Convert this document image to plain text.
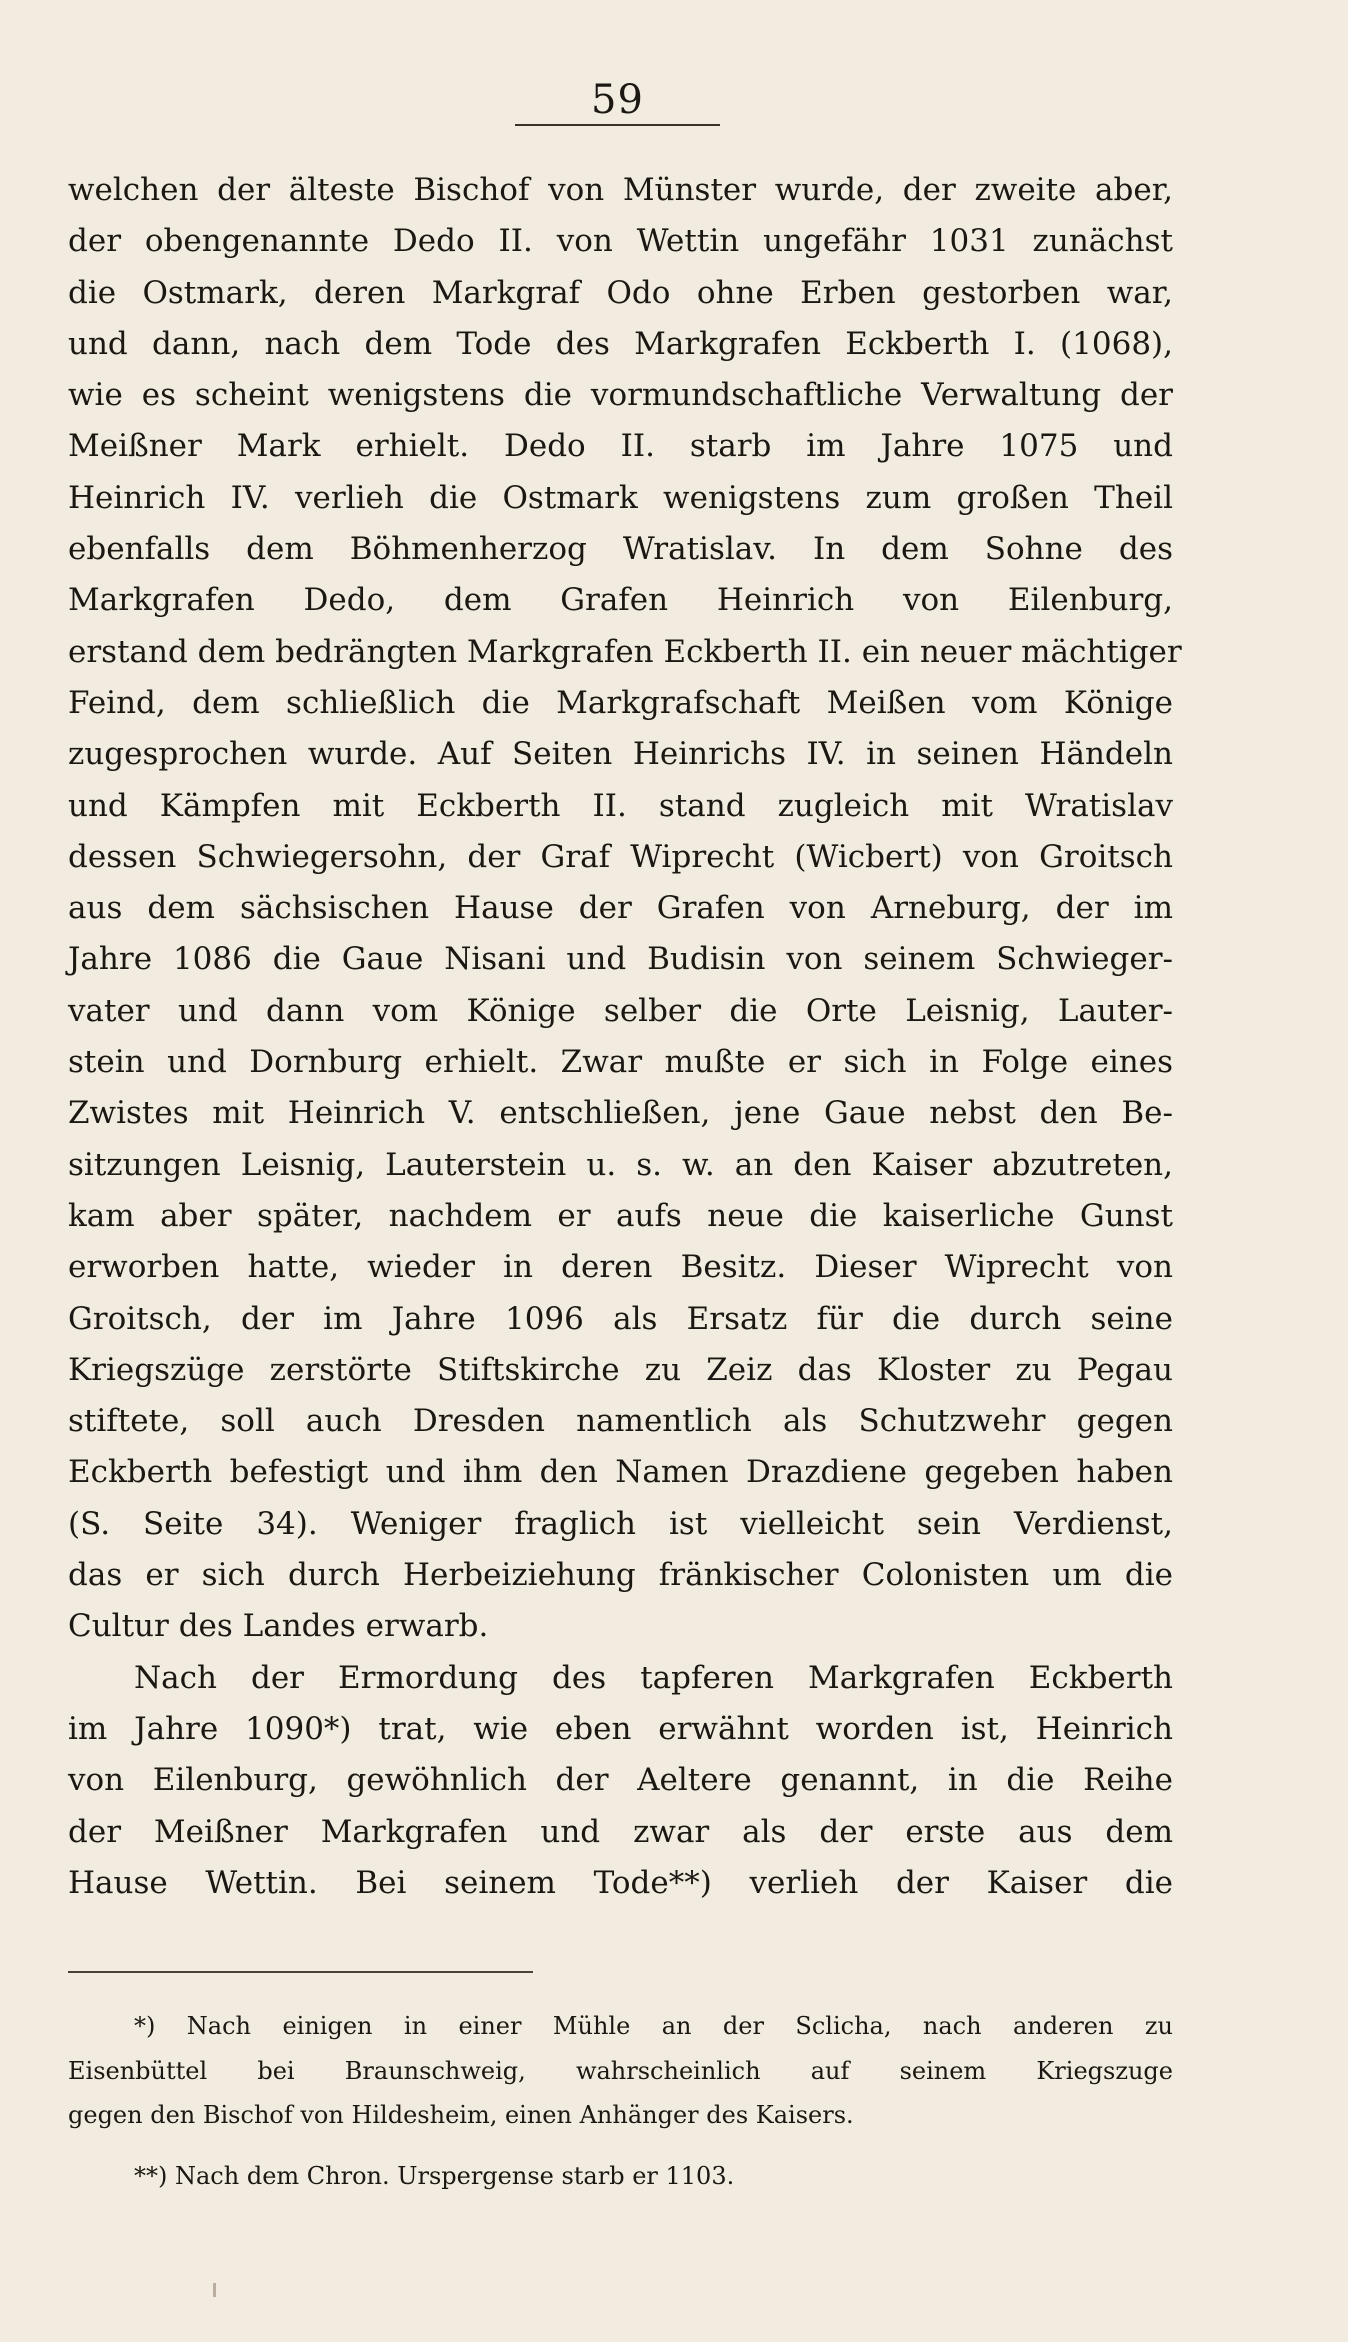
59
welchen der älteste Bischof von Münster wurde, der zweite aber,
der obengenannte Dedo II. von Wettin ungefähr 1031 zunächst
die Ostmark, deren Markgraf Odo ohne Erben gestorben war,
und dann, nach dem Tode des Markgrafen Eckberth I. (1068),
wie es scheint wenigstens die vormundschaftliche Verwaltung der
Meißner Mark erhielt. Dedo II. starb im Jahre 1075 und
Heinrich IV. verlieh die Ostmark wenigstens zum großen Theil
ebenfalls dem Böhmenherzog Wratislav. In dem Sohne des
Markgrafen Dedo, dem Grafen Heinrich von Eilenburg,
erstand dem bedrängten Markgrafen Eckberth II. ein neuer mächtiger
Feind, dem schließlich die Markgrafschaft Meißen vom Könige
zugesprochen wurde. Auf Seiten Heinrichs IV. in seinen Händeln
und Kämpfen mit Eckberth II. stand zugleich mit Wratislav
dessen Schwiegersohn, der Graf Wiprecht (Wicbert) von Groitsch
aus dem sächsischen Hause der Grafen von Arneburg, der im
Jahre 1086 die Gaue Nisani und Budisin von seinem Schwieger-
vater und dann vom Könige selber die Orte Leisnig, Lauter-
stein und Dornburg erhielt. Zwar mußte er sich in Folge eines
Zwistes mit Heinrich V. entschließen, jene Gaue nebst den Be-
sitzungen Leisnig, Lauterstein u. s. w. an den Kaiser abzutreten,
kam aber später, nachdem er aufs neue die kaiserliche Gunst
erworben hatte, wieder in deren Besitz. Dieser Wiprecht von
Groitsch, der im Jahre 1096 als Ersatz für die durch seine
Kriegszüge zerstörte Stiftskirche zu Zeiz das Kloster zu Pegau
stiftete, soll auch Dresden namentlich als Schutzwehr gegen
Eckberth befestigt und ihm den Namen Drazdiene gegeben haben
(S. Seite 34). Weniger fraglich ist vielleicht sein Verdienst,
das er sich durch Herbeiziehung fränkischer Colonisten um die
Cultur des Landes erwarb.
Nach der Ermordung des tapferen Markgrafen Eckberth
im Jahre 1090*) trat, wie eben erwähnt worden ist, Heinrich
von Eilenburg, gewöhnlich der Aeltere genannt, in die Reihe
der Meißner Markgrafen und zwar als der erste aus dem
Hause Wettin. Bei seinem Tode**) verlieh der Kaiser die
*) Nach einigen in einer Mühle an der Sclicha, nach anderen zu
Eisenbüttel bei Braunschweig, wahrscheinlich auf seinem Kriegszuge
gegen den Bischof von Hildesheim, einen Anhänger des Kaisers.
**) Nach dem Chron. Urspergense starb er 1103.
